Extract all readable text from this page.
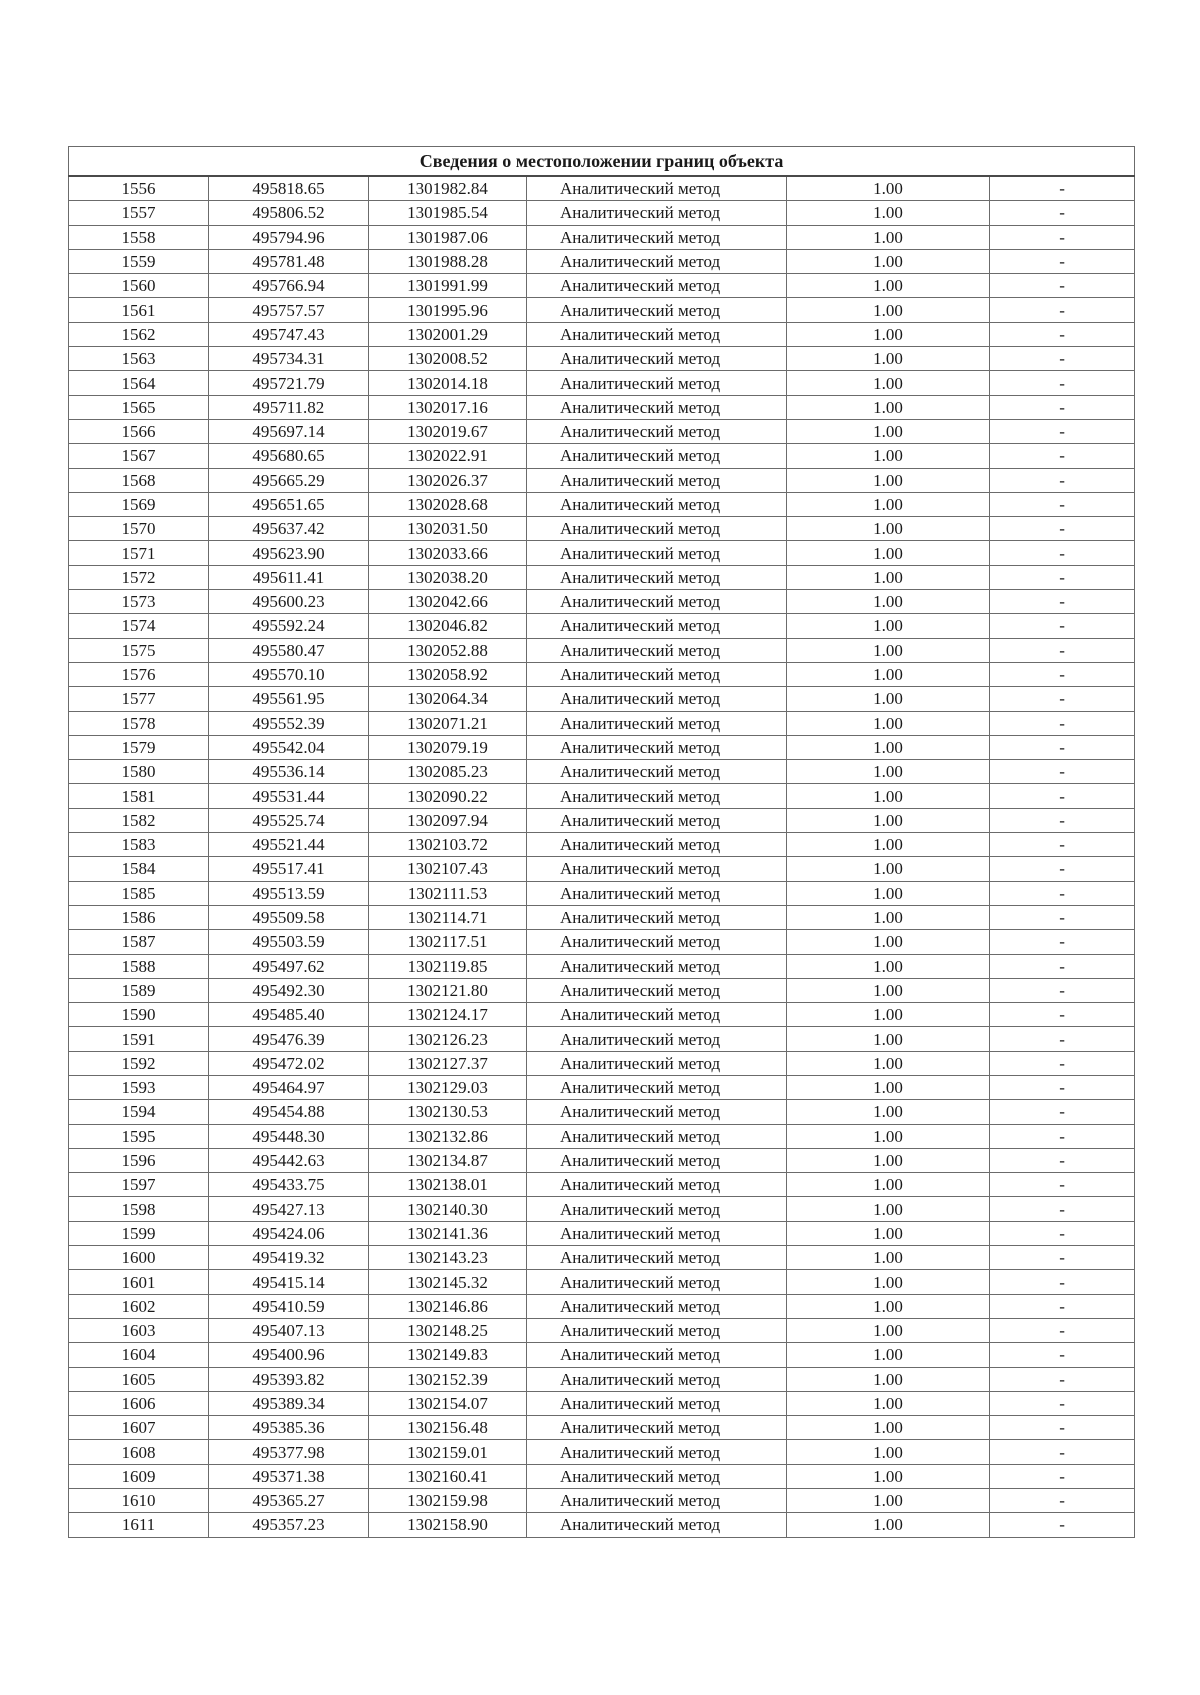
Сведения о местоположении границ объекта					
1556	495818.65	1301982.84	Аналитический метод	1.00	-
1557	495806.52	1301985.54	Аналитический метод	1.00	-
1558	495794.96	1301987.06	Аналитический метод	1.00	-
1559	495781.48	1301988.28	Аналитический метод	1.00	-
1560	495766.94	1301991.99	Аналитический метод	1.00	-
1561	495757.57	1301995.96	Аналитический метод	1.00	-
1562	495747.43	1302001.29	Аналитический метод	1.00	-
1563	495734.31	1302008.52	Аналитический метод	1.00	-
1564	495721.79	1302014.18	Аналитический метод	1.00	-
1565	495711.82	1302017.16	Аналитический метод	1.00	-
1566	495697.14	1302019.67	Аналитический метод	1.00	-
1567	495680.65	1302022.91	Аналитический метод	1.00	-
1568	495665.29	1302026.37	Аналитический метод	1.00	-
1569	495651.65	1302028.68	Аналитический метод	1.00	-
1570	495637.42	1302031.50	Аналитический метод	1.00	-
1571	495623.90	1302033.66	Аналитический метод	1.00	-
1572	495611.41	1302038.20	Аналитический метод	1.00	-
1573	495600.23	1302042.66	Аналитический метод	1.00	-
1574	495592.24	1302046.82	Аналитический метод	1.00	-
1575	495580.47	1302052.88	Аналитический метод	1.00	-
1576	495570.10	1302058.92	Аналитический метод	1.00	-
1577	495561.95	1302064.34	Аналитический метод	1.00	-
1578	495552.39	1302071.21	Аналитический метод	1.00	-
1579	495542.04	1302079.19	Аналитический метод	1.00	-
1580	495536.14	1302085.23	Аналитический метод	1.00	-
1581	495531.44	1302090.22	Аналитический метод	1.00	-
1582	495525.74	1302097.94	Аналитический метод	1.00	-
1583	495521.44	1302103.72	Аналитический метод	1.00	-
1584	495517.41	1302107.43	Аналитический метод	1.00	-
1585	495513.59	1302111.53	Аналитический метод	1.00	-
1586	495509.58	1302114.71	Аналитический метод	1.00	-
1587	495503.59	1302117.51	Аналитический метод	1.00	-
1588	495497.62	1302119.85	Аналитический метод	1.00	-
1589	495492.30	1302121.80	Аналитический метод	1.00	-
1590	495485.40	1302124.17	Аналитический метод	1.00	-
1591	495476.39	1302126.23	Аналитический метод	1.00	-
1592	495472.02	1302127.37	Аналитический метод	1.00	-
1593	495464.97	1302129.03	Аналитический метод	1.00	-
1594	495454.88	1302130.53	Аналитический метод	1.00	-
1595	495448.30	1302132.86	Аналитический метод	1.00	-
1596	495442.63	1302134.87	Аналитический метод	1.00	-
1597	495433.75	1302138.01	Аналитический метод	1.00	-
1598	495427.13	1302140.30	Аналитический метод	1.00	-
1599	495424.06	1302141.36	Аналитический метод	1.00	-
1600	495419.32	1302143.23	Аналитический метод	1.00	-
1601	495415.14	1302145.32	Аналитический метод	1.00	-
1602	495410.59	1302146.86	Аналитический метод	1.00	-
1603	495407.13	1302148.25	Аналитический метод	1.00	-
1604	495400.96	1302149.83	Аналитический метод	1.00	-
1605	495393.82	1302152.39	Аналитический метод	1.00	-
1606	495389.34	1302154.07	Аналитический метод	1.00	-
1607	495385.36	1302156.48	Аналитический метод	1.00	-
1608	495377.98	1302159.01	Аналитический метод	1.00	-
1609	495371.38	1302160.41	Аналитический метод	1.00	-
1610	495365.27	1302159.98	Аналитический метод	1.00	-
1611	495357.23	1302158.90	Аналитический метод	1.00	-
